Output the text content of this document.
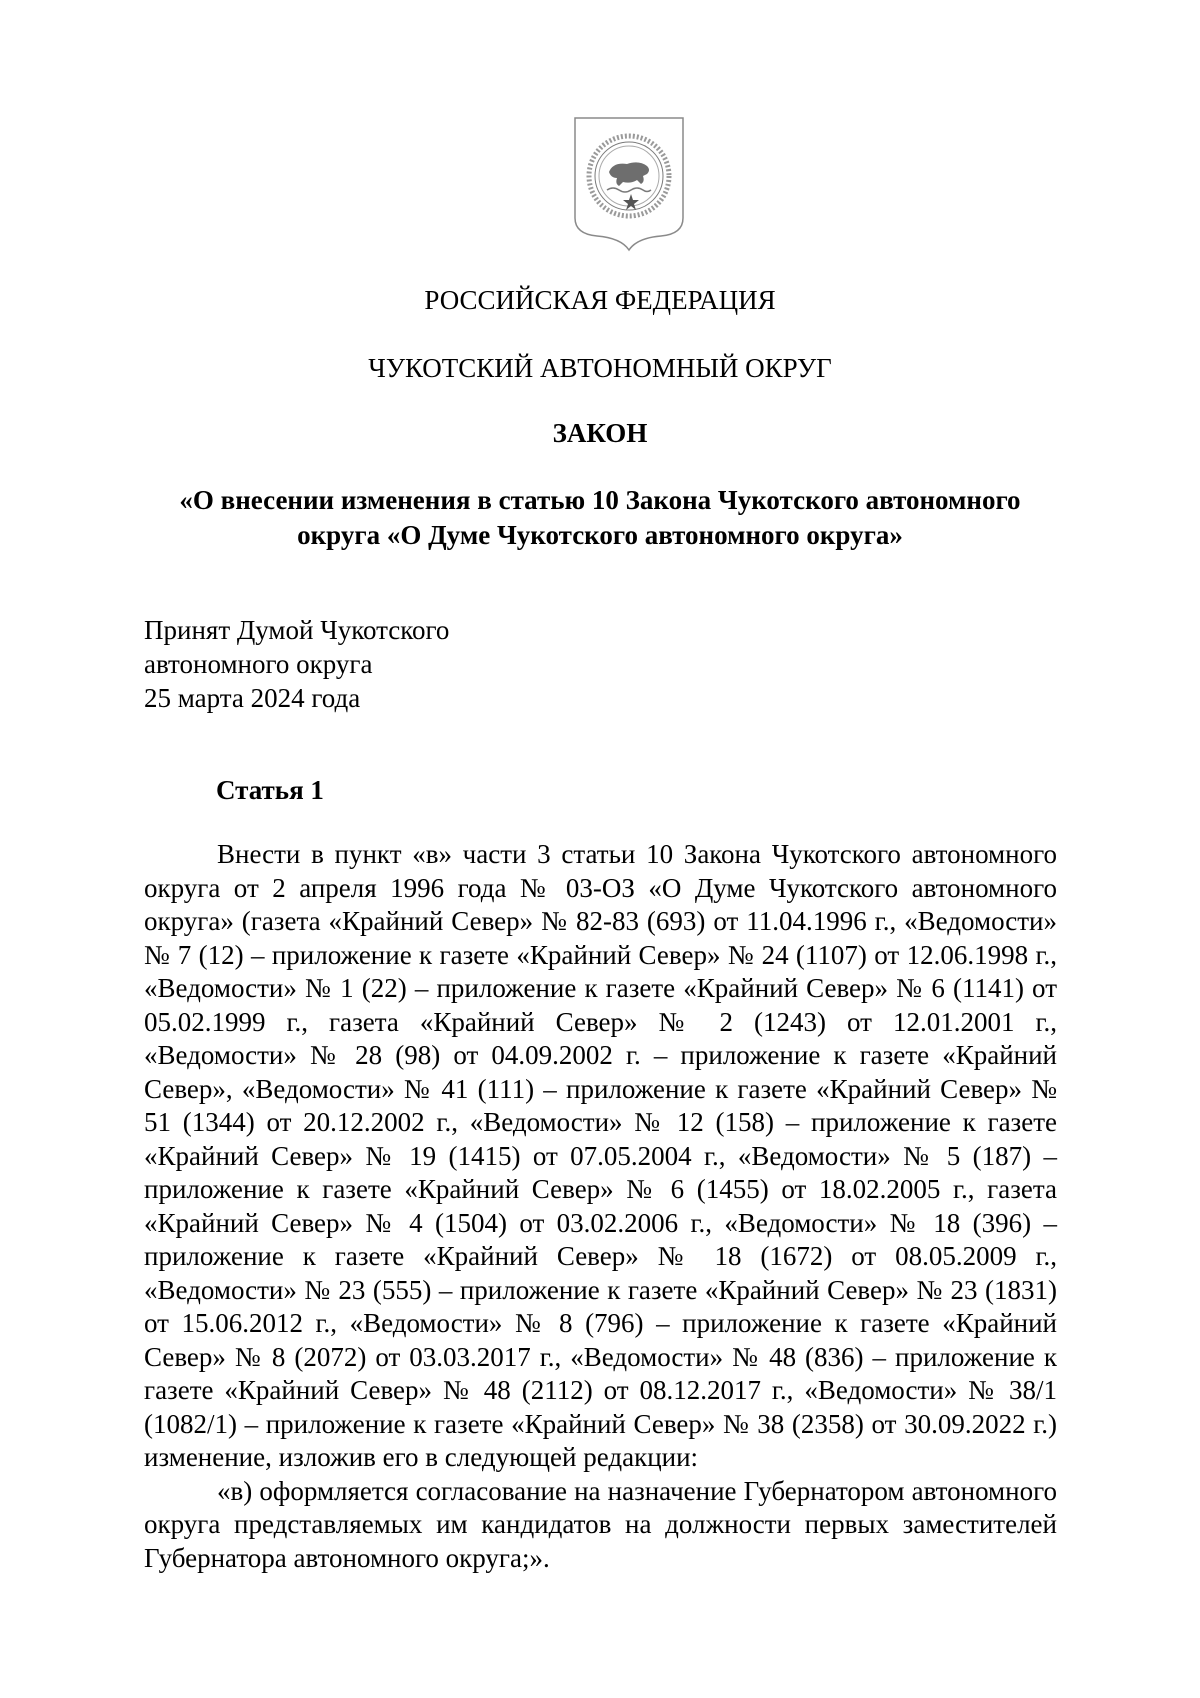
РОССИЙСКАЯ ФЕДЕРАЦИЯ
ЧУКОТСКИЙ АВТОНОМНЫЙ ОКРУГ
ЗАКОН
«О внесении изменения в статью 10 Закона Чукотского автономного округа «О Думе Чукотского автономного округа»
Принят Думой Чукотского
автономного округа
25 марта 2024 года
Статья 1

Внести в пункт «в» части 3 статьи 10 Закона Чукотского автономного округа от 2 апреля 1996 года № 03-ОЗ «О Думе Чукотского автономного округа» (газета «Крайний Север» № 82-83 (693) от 11.04.1996 г., «Ведомости» № 7 (12) – приложение к газете «Крайний Север» № 24 (1107) от 12.06.1998 г., «Ведомости» № 1 (22) – приложение к газете «Крайний Север» № 6 (1141) от 05.02.1999 г., газета «Крайний Север» № 2 (1243) от 12.01.2001 г., «Ведомости» № 28 (98) от 04.09.2002 г. – приложение к газете «Крайний Север», «Ведомости» № 41 (111) – приложение к газете «Крайний Север» № 51 (1344) от 20.12.2002 г., «Ведомости» № 12 (158) – приложение к газете «Крайний Север» № 19 (1415) от 07.05.2004 г., «Ведомости» № 5 (187) – приложение к газете «Крайний Север» № 6 (1455) от 18.02.2005 г., газета «Крайний Север» № 4 (1504) от 03.02.2006 г., «Ведомости» № 18 (396) – приложение к газете «Крайний Север» № 18 (1672) от 08.05.2009 г., «Ведомости» № 23 (555) – приложение к газете «Крайний Север» № 23 (1831) от 15.06.2012 г., «Ведомости» № 8 (796) – приложение к газете «Крайний Север» № 8 (2072) от 03.03.2017 г., «Ведомости» № 48 (836) – приложение к газете «Крайний Север» № 48 (2112) от 08.12.2017 г., «Ведомости» № 38/1 (1082/1) – приложение к газете «Крайний Север» № 38 (2358) от 30.09.2022 г.) изменение, изложив его в следующей редакции:

«в) оформляется согласование на назначение Губернатором автономного округа представляемых им кандидатов на должности первых заместителей Губернатора автономного округа;».
